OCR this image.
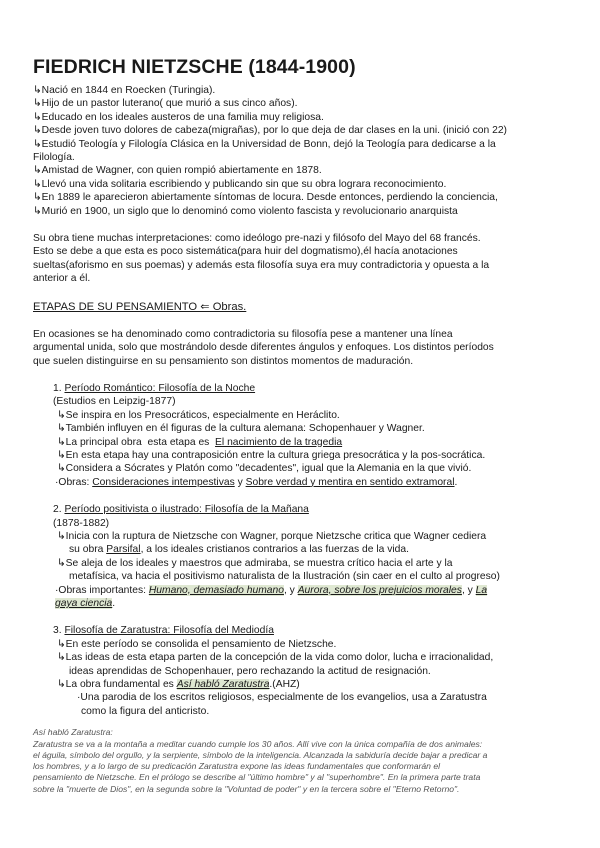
FIEDRICH NIETZSCHE (1844-1900)
↳Nació en 1844 en Roecken (Turingia).
↳Hijo de un pastor luterano( que murió a sus cinco años).
↳Educado en los ideales austeros de una familia muy religiosa.
↳Desde joven tuvo dolores de cabeza(migrañas), por lo que deja de dar clases en la uni. (inició con 22)
↳Estudió Teología y Filología Clásica en la Universidad de Bonn, dejó la Teología para dedicarse a la
Filología.
↳Amistad de Wagner, con quien rompió abiertamente en 1878.
↳Llevó una vida solitaria escribiendo y publicando sin que su obra lograra reconocimiento.
↳En 1889 le aparecieron abiertamente síntomas de locura. Desde entonces, perdiendo la conciencia,
↳Murió en 1900, un siglo que lo denominó como violento fascista y revolucionario anarquista
Su obra tiene muchas interpretaciones: como ideólogo pre-nazi y filósofo del Mayo del 68 francés.
Esto se debe a que esta es poco sistemática(para huir del dogmatismo),él hacía anotaciones
sueltas(aforismo en sus poemas) y además esta filosofía suya era muy contradictoria y opuesta a la
anterior a él.
ETAPAS DE SU PENSAMIENTO ⇐ Obras.
En ocasiones se ha denominado como contradictoria su filosofía pese a mantener una línea
argumental unida, solo que mostrándolo desde diferentes ángulos y enfoques. Los distintos períodos
que suelen distinguirse en su pensamiento son distintos momentos de maduración.
1. Período Romántico: Filosofía de la Noche
(Estudios en Leipzig-1877)
↳Se inspira en los Presocráticos, especialmente en Heráclito.
↳También influyen en él figuras de la cultura alemana: Schopenhauer y Wagner.
↳La principal obra  esta etapa es  El nacimiento de la tragedia
↳En esta etapa hay una contraposición entre la cultura griega presocrática y la pos-socrática.
↳Considera a Sócrates y Platón como "decadentes", igual que la Alemania en la que vivió.
·Obras: Consideraciones intempestivas y Sobre verdad y mentira en sentido extramoral.
2. Período positivista o ilustrado: Filosofía de la Mañana
(1878-1882)
↳Inicia con la ruptura de Nietzsche con Wagner, porque Nietzsche critica que Wagner cediera
su obra Parsifal, a los ideales cristianos contrarios a las fuerzas de la vida.
↳Se aleja de los ideales y maestros que admiraba, se muestra crítico hacia el arte y la
metafísica, va hacia el positivismo naturalista de la Ilustración (sin caer en el culto al progreso)
·Obras importantes: Humano, demasiado humano, y Aurora, sobre los prejuicios morales, y La
gaya ciencia.
3. Filosofía de Zaratustra: Filosofía del Mediodía
↳En este período se consolida el pensamiento de Nietzsche.
↳Las ideas de esta etapa parten de la concepción de la vida como dolor, lucha e irracionalidad,
ideas aprendidas de Schopenhauer, pero rechazando la actitud de resignación.
↳La obra fundamental es Así habló Zaratustra.(AHZ)
·Una parodia de los escritos religiosos, especialmente de los evangelios, usa a Zaratustra
como la figura del anticristo.
Así habló Zaratustra:
Zaratustra se va a la montaña a meditar cuando cumple los 30 años. Allí vive con la única compañía de dos animales:
el águila, símbolo del orgullo, y la serpiente, símbolo de la inteligencia. Alcanzada la sabiduría decide bajar a predicar a
los hombres, y a lo largo de su predicación Zaratustra expone las ideas fundamentales que conformarán el
pensamiento de Nietzsche. En el prólogo se describe al "último hombre" y al "superhombre". En la primera parte trata
sobre la "muerte de Dios", en la segunda sobre la "Voluntad de poder" y en la tercera sobre el "Eterno Retorno".
